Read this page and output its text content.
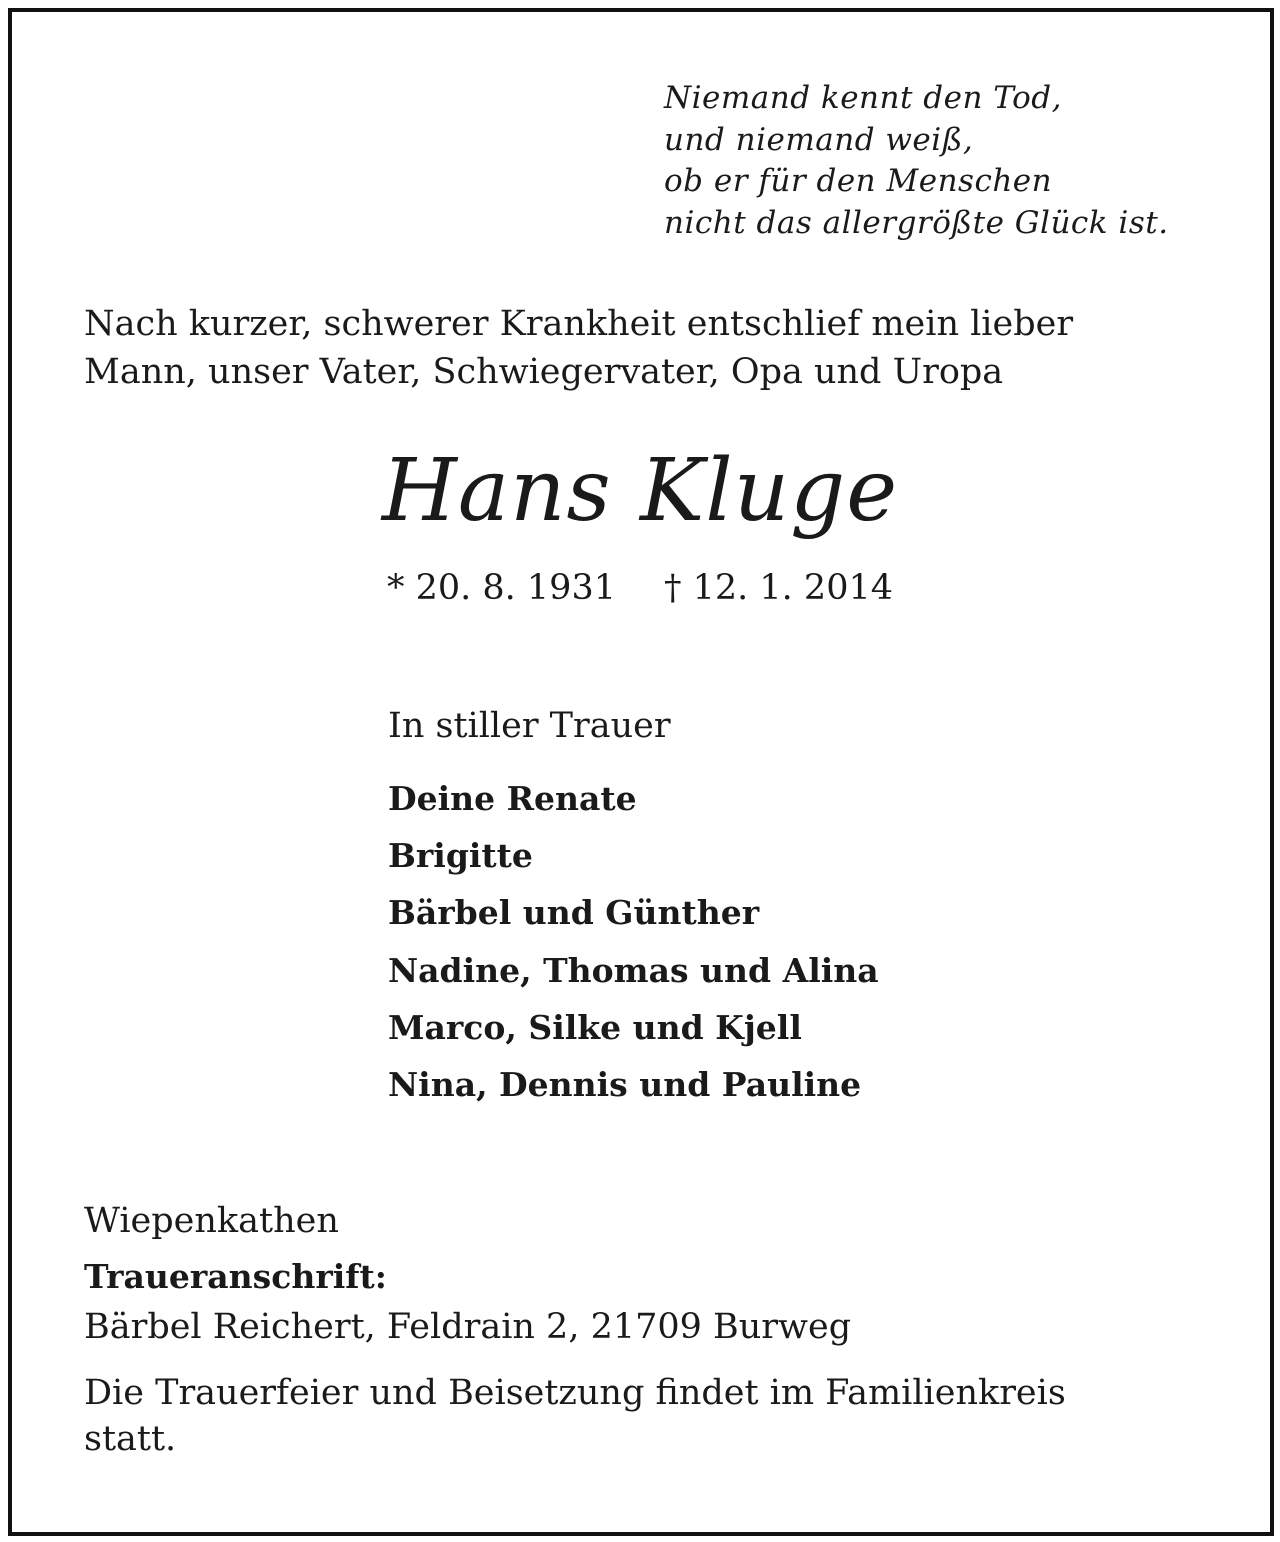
Niemand kennt den Tod,
und niemand weiß,
ob er für den Menschen
nicht das allergrößte Glück ist.
Nach kurzer, schwerer Krankheit entschlief mein lieber
Mann, unser Vater, Schwiegervater, Opa und Uropa
Hans Kluge
* 20. 8. 1931 † 12. 1. 2014
In stiller Trauer
Deine Renate
Brigitte
Bärbel und Günther
Nadine, Thomas und Alina
Marco, Silke und Kjell
Nina, Dennis und Pauline
Wiepenkathen
Traueranschrift:
Bärbel Reichert, Feldrain 2, 21709 Burweg
Die Trauerfeier und Beisetzung findet im Familienkreis
statt.
